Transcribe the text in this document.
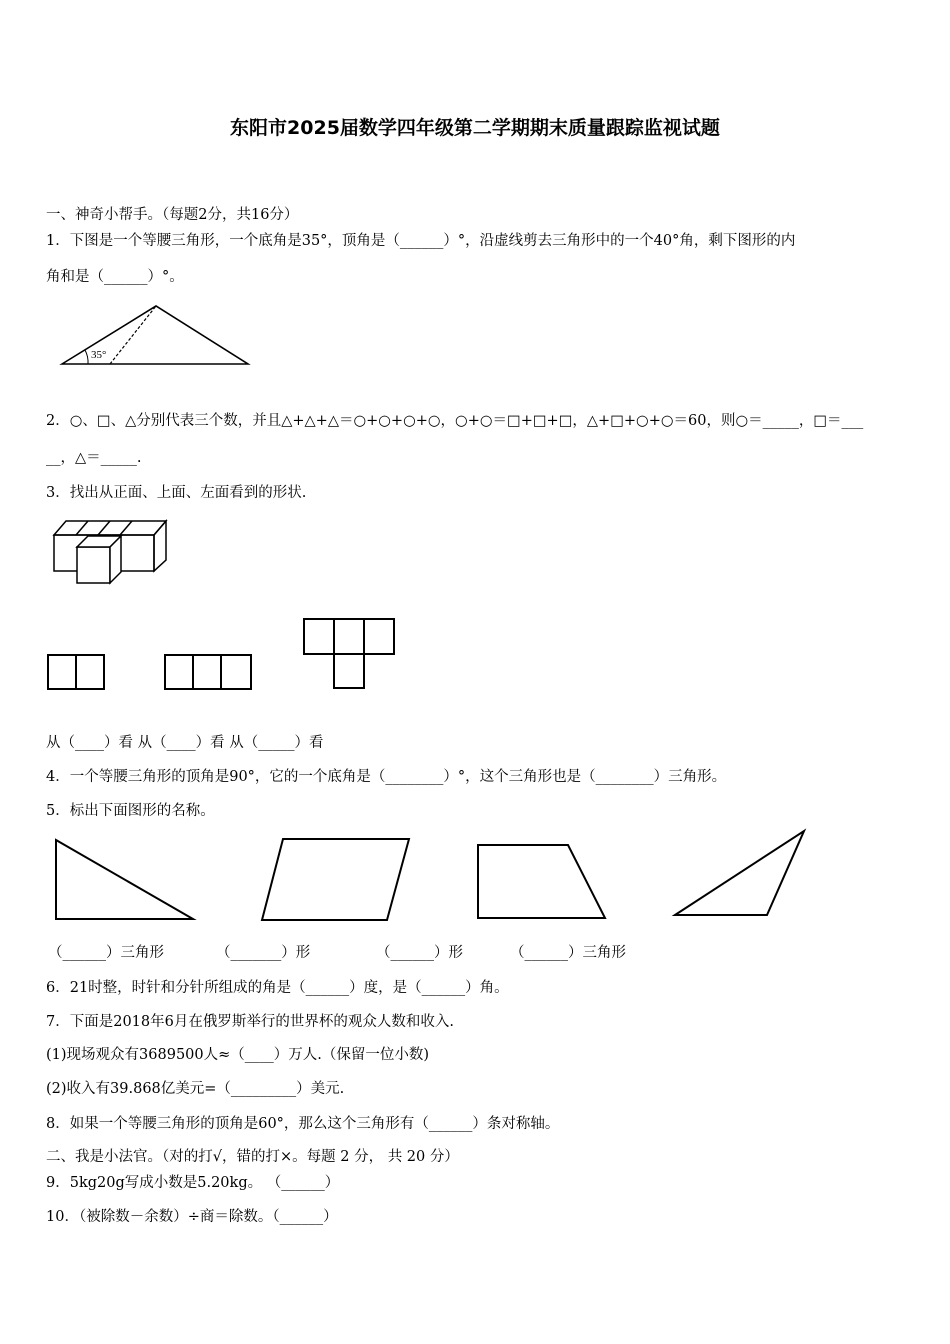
东阳市2025届数学四年级第二学期期末质量跟踪监视试题
一、神奇小帮手。（每题2分，共16分）
1．下图是一个等腰三角形，一个底角是35°，顶角是（______）°，沿虚线剪去三角形中的一个40°角，剩下图形的内
角和是（______）°。
35°
2．○、□、△分别代表三个数，并且△+△+△＝○+○+○+○，○+○＝□+□+□，△+□+○+○＝60，则○＝_____，□＝___
__，△＝_____.
3．找出从正面、上面、左面看到的形状.
从（____）看 从（____）看 从（_____）看
4．一个等腰三角形的顶角是90°，它的一个底角是（________）°，这个三角形也是（________）三角形。
5．标出下面图形的名称。
（______）三角形	（_______）形	（______）形	（______）三角形
6．21时整，时针和分针所组成的角是（______）度，是（______）角。
7．下面是2018年6月在俄罗斯举行的世界杯的观众人数和收入.
(1)现场观众有3689500人≈（____）万人.（保留一位小数)
(2)收入有39.868亿美元=（_________）美元.
8．如果一个等腰三角形的顶角是60°，那么这个三角形有（______）条对称轴。
二、我是小法官。（对的打√，错的打×。每题 2 分， 共 20 分）
9．5kg20g写成小数是5.20kg。 （______）
10．（被除数－余数）÷商＝除数。（______）
